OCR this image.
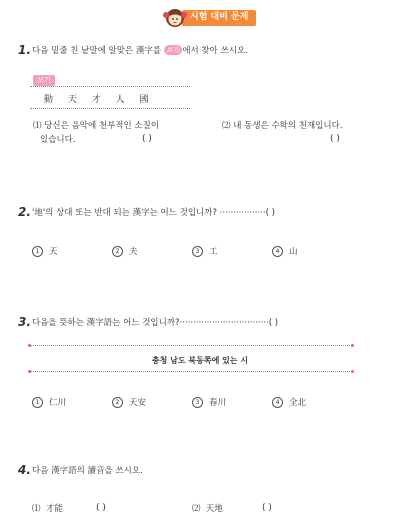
시험 대비 문제
1. 다음 밑줄 친 낱말에 알맞은 漢字를 보기 에서 찾아 쓰시오.
보기
動 天 才 人 國
⑴ 당신은 음악에 천부적인 소질이
있습니다.	( )
⑵ 내 동생은 수학의 천재입니다.
( )
2. '地'의 상대 또는 반대 되는 漢字는 어느 것입니까? ·················( )
1 天	2 夫	3 工	4 山
3. 다음을 뜻하는 漢字語는 어느 것입니까?·································( )
충청 남도 북동쪽에 있는 시
1 仁川	2 天安	3 春川	4 全北
4. 다음 漢字語의 讀音을 쓰시오.
⑴ 才能	( )	⑵ 天地	( )
